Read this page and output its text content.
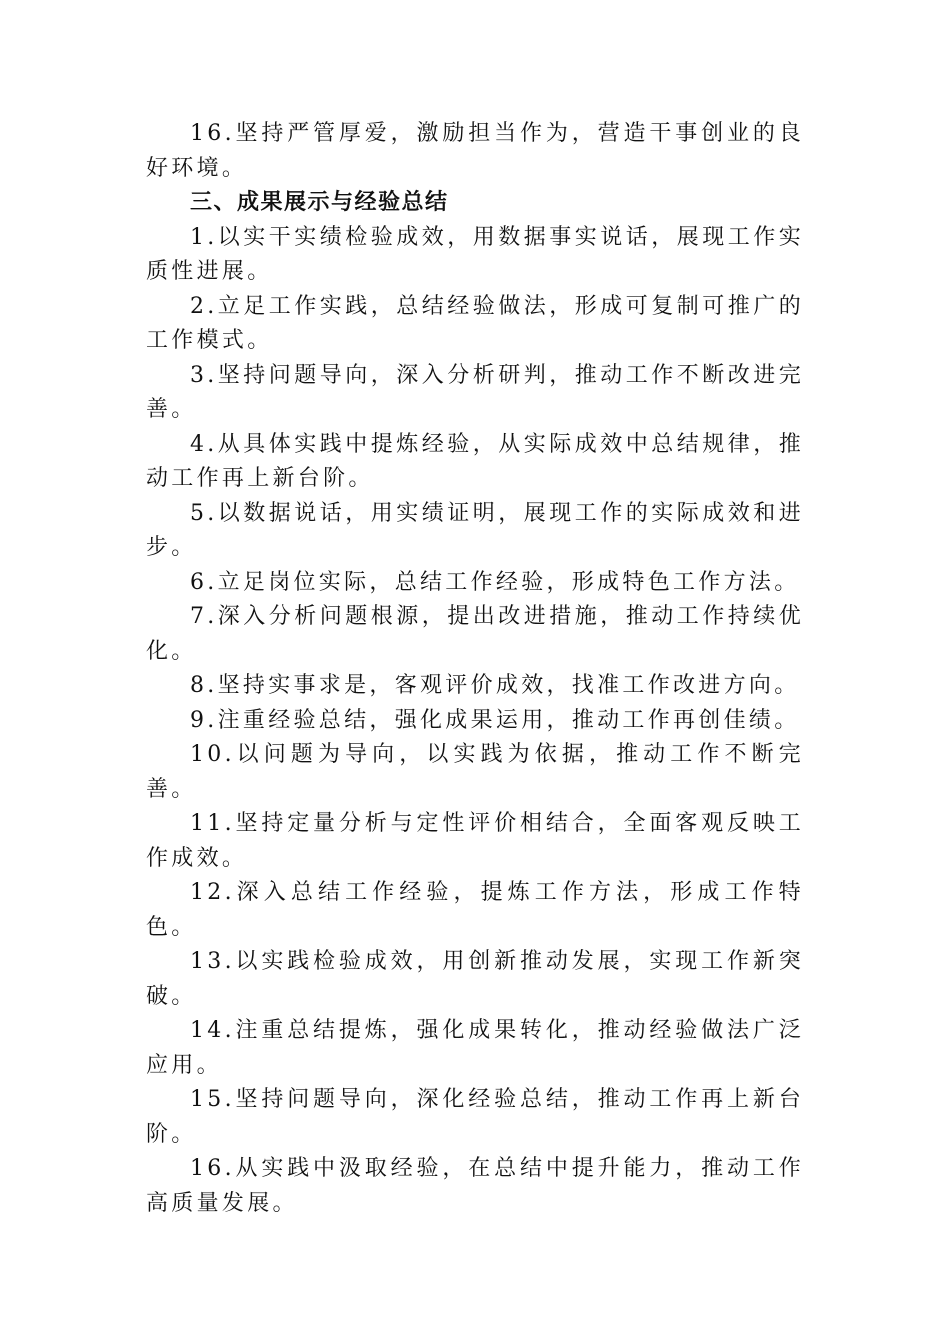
16.坚持严管厚爱，激励担当作为，营造干事创业的良好环境。

三、成果展示与经验总结

1.以实干实绩检验成效，用数据事实说话，展现工作实质性进展。

2.立足工作实践，总结经验做法，形成可复制可推广的工作模式。

3.坚持问题导向，深入分析研判，推动工作不断改进完善。

4.从具体实践中提炼经验，从实际成效中总结规律，推动工作再上新台阶。

5.以数据说话，用实绩证明，展现工作的实际成效和进步。

6.立足岗位实际，总结工作经验，形成特色工作方法。

7.深入分析问题根源，提出改进措施，推动工作持续优化。

8.坚持实事求是，客观评价成效，找准工作改进方向。

9.注重经验总结，强化成果运用，推动工作再创佳绩。

10.以问题为导向，以实践为依据，推动工作不断完善。

11.坚持定量分析与定性评价相结合，全面客观反映工作成效。

12.深入总结工作经验，提炼工作方法，形成工作特色。

13.以实践检验成效，用创新推动发展，实现工作新突破。

14.注重总结提炼，强化成果转化，推动经验做法广泛应用。

15.坚持问题导向，深化经验总结，推动工作再上新台阶。

16.从实践中汲取经验，在总结中提升能力，推动工作高质量发展。
